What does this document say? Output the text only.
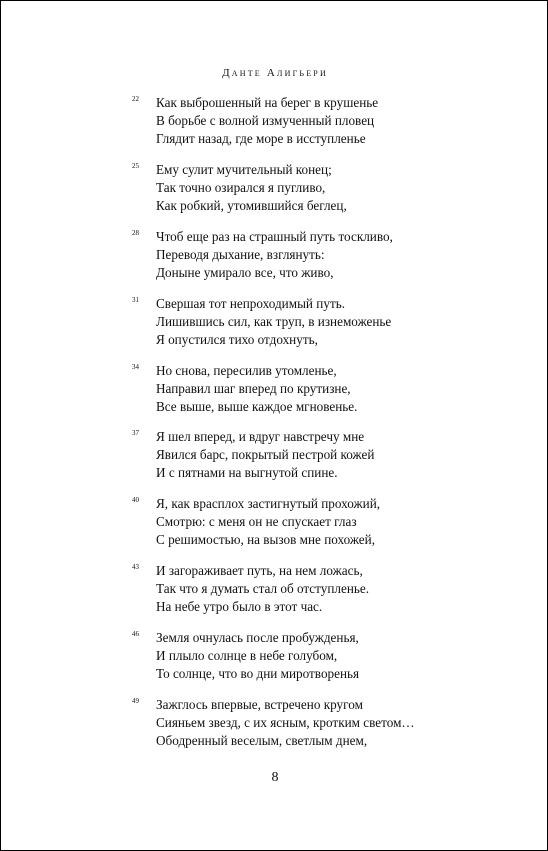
Данте Алигьери
22 Как выброшенный на берег в крушенье
В борьбе с волной измученный пловец
Глядит назад, где море в исступленье
25 Ему сулит мучительный конец;
Так точно озирался я пугливо,
Как робкий, утомившийся беглец,
28 Чтоб еще раз на страшный путь тоскливо,
Переводя дыхание, взглянуть:
Доныне умирало все, что живо,
31 Свершая тот непроходимый путь.
Лишившись сил, как труп, в изнеможенье
Я опустился тихо отдохнуть,
34 Но снова, пересилив утомленье,
Направил шаг вперед по крутизне,
Все выше, выше каждое мгновенье.
37 Я шел вперед, и вдруг навстречу мне
Явился барс, покрытый пестрой кожей
И с пятнами на выгнутой спине.
40 Я, как врасплох застигнутый прохожий,
Смотрю: с меня он не спускает глаз
С решимостью, на вызов мне похожей,
43 И загораживает путь, на нем ложась,
Так что я думать стал об отступленье.
На небе утро было в этот час.
46 Земля очнулась после пробужденья,
И плыло солнце в небе голубом,
То солнце, что во дни миротворенья
49 Зажглось впервые, встречено кругом
Сияньем звезд, с их ясным, кротким светом…
Ободренный веселым, светлым днем,
8
